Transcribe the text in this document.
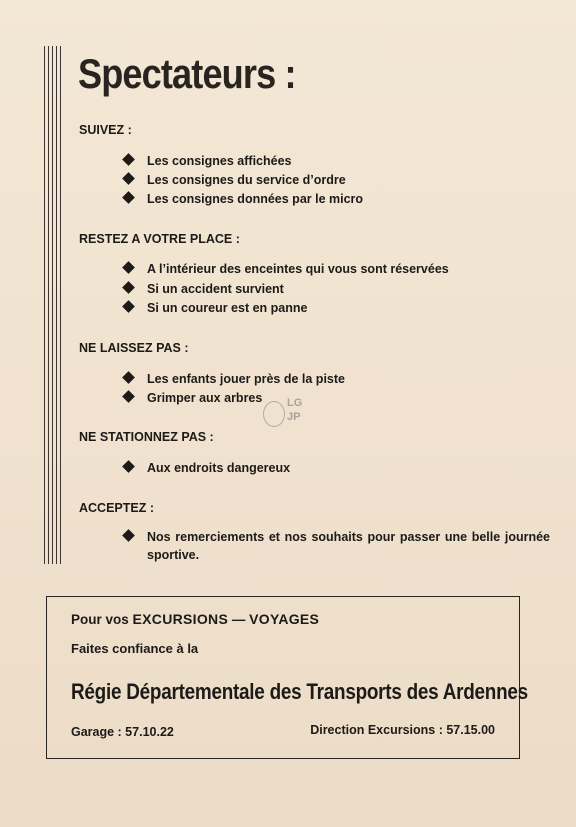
Spectateurs :
SUIVEZ :
Les consignes affichées
Les consignes du service d’ordre
Les consignes données par le micro
RESTEZ A VOTRE PLACE :
A l’intérieur des enceintes qui vous sont réservées
Si un accident survient
Si un coureur est en panne
NE LAISSEZ PAS :
Les enfants jouer près de la piste
Grimper aux arbres LG
JP
NE STATIONNEZ PAS :
Aux endroits dangereux
ACCEPTEZ :
Nos remerciements et nos souhaits pour passer une belle journée sportive.
Pour vos EXCURSIONS — VOYAGES
Faites confiance à la
Régie Départementale des Transports des Ardennes
Garage : 57.10.22	Direction Excursions : 57.15.00
